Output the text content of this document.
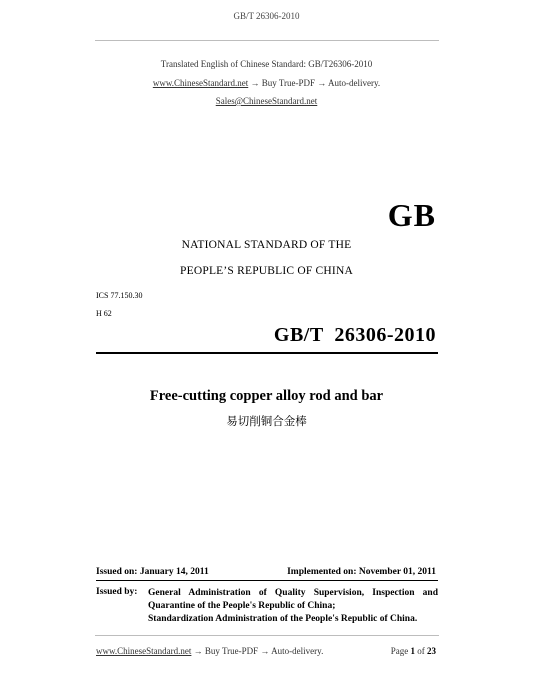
GB/T 26306-2010
Translated English of Chinese Standard: GB/T26306-2010
www.ChineseStandard.net → Buy True-PDF → Auto-delivery.
Sales@ChineseStandard.net
GB
NATIONAL STANDARD OF THE
PEOPLE’S REPUBLIC OF CHINA
ICS 77.150.30
H 62
GB/T  26306-2010
Free-cutting copper alloy rod and bar
易切削铜合金棒
Issued on: January 14, 2011	Implemented on: November 01, 2011
Issued by: General Administration of Quality Supervision, Inspection and Quarantine of the People's Republic of China;
Standardization Administration of the People's Republic of China.
www.ChineseStandard.net → Buy True-PDF → Auto-delivery.	Page 1 of 23
